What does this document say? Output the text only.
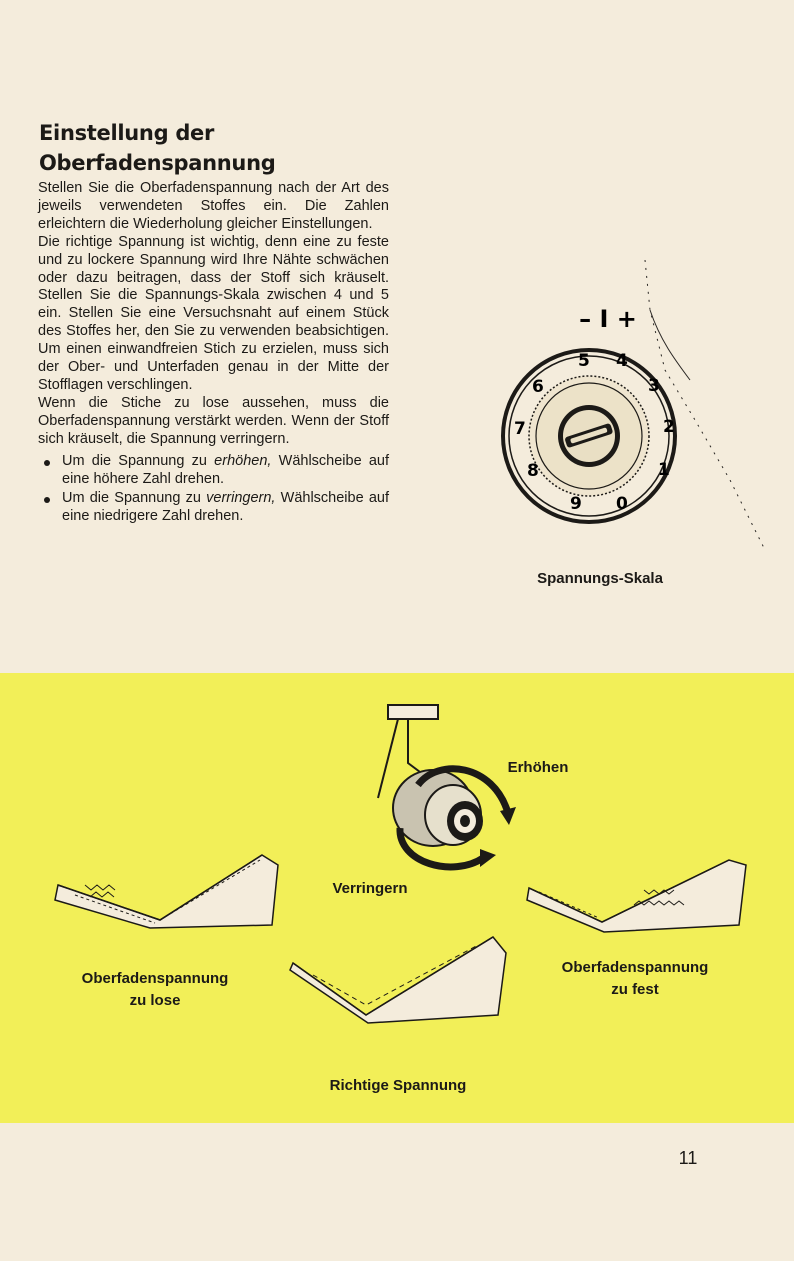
Einstellung der
Oberfadenspannung

Stellen Sie die Oberfadenspannung nach der Art des jeweils verwendeten Stoffes ein. Die Zahlen erleichtern die Wiederholung gleicher Einstellungen.

Die richtige Spannung ist wichtig, denn eine zu feste und zu lockere Spannung wird Ihre Nähte schwächen oder dazu beitragen, dass der Stoff sich kräuselt. Stellen Sie die Spannungs-Skala zwischen 4 und 5 ein. Stellen Sie eine Versuchsnaht auf einem Stück des Stoffes her, den Sie zu verwenden beabsichtigen. Um einen einwandfreien Stich zu erzielen, muss sich der Ober- und Unterfaden genau in der Mitte der Stofflagen verschlingen.

Wenn die Stiche zu lose aussehen, muss die Oberfadenspannung verstärkt werden. Wenn der Stoff sich kräuselt, die Spannung verringern.

Um die Spannung zu erhöhen, Wählscheibe auf eine höhere Zahl drehen.
Um die Spannung zu verringern, Wählscheibe auf eine niedrigere Zahl drehen.
– I +
5 4
3
2
1
0
9
8
7
6
Spannungs-Skala
Erhöhen
Verringern
Oberfadenspannung
zu lose
Oberfadenspannung
zu fest
Richtige Spannung
11
